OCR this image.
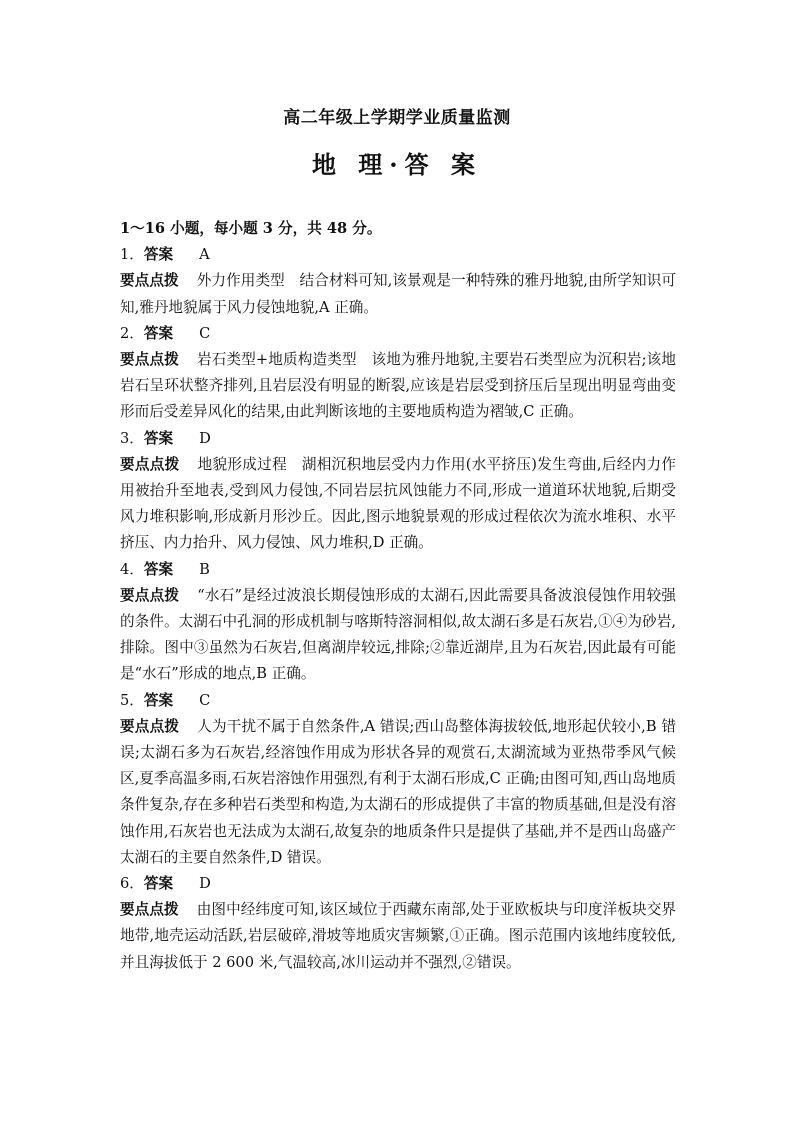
高二年级上学期学业质量监测
地 理·答 案

1～16 小题，每小题 3 分，共 48 分。

1．答案 A

要点点拨 外力作用类型　结合材料可知,该景观是一种特殊的雅丹地貌,由所学知识可知,雅丹地貌属于风力侵蚀地貌,A 正确。

2．答案 C

要点点拨 岩石类型+地质构造类型　该地为雅丹地貌,主要岩石类型应为沉积岩;该地岩石呈环状整齐排列,且岩层没有明显的断裂,应该是岩层受到挤压后呈现出明显弯曲变形而后受差异风化的结果,由此判断该地的主要地质构造为褶皱,C 正确。

3．答案 D

要点点拨 地貌形成过程　湖相沉积地层受内力作用(水平挤压)发生弯曲,后经内力作用被抬升至地表,受到风力侵蚀,不同岩层抗风蚀能力不同,形成一道道环状地貌,后期受风力堆积影响,形成新月形沙丘。因此,图示地貌景观的形成过程依次为流水堆积、水平挤压、内力抬升、风力侵蚀、风力堆积,D 正确。

4．答案 B

要点点拨 “水石”是经过波浪长期侵蚀形成的太湖石,因此需要具备波浪侵蚀作用较强的条件。太湖石中孔洞的形成机制与喀斯特溶洞相似,故太湖石多是石灰岩,①④为砂岩,排除。图中③虽然为石灰岩,但离湖岸较远,排除;②靠近湖岸,且为石灰岩,因此最有可能是“水石”形成的地点,B 正确。

5．答案 C

要点点拨 人为干扰不属于自然条件,A 错误;西山岛整体海拔较低,地形起伏较小,B 错误;太湖石多为石灰岩,经溶蚀作用成为形状各异的观赏石,太湖流域为亚热带季风气候区,夏季高温多雨,石灰岩溶蚀作用强烈,有利于太湖石形成,C 正确;由图可知,西山岛地质条件复杂,存在多种岩石类型和构造,为太湖石的形成提供了丰富的物质基础,但是没有溶蚀作用,石灰岩也无法成为太湖石,故复杂的地质条件只是提供了基础,并不是西山岛盛产太湖石的主要自然条件,D 错误。

6．答案 D

要点点拨 由图中经纬度可知,该区域位于西藏东南部,处于亚欧板块与印度洋板块交界地带,地壳运动活跃,岩层破碎,滑坡等地质灾害频繁,①正确。图示范围内该地纬度较低,并且海拔低于 2 600 米,气温较高,冰川运动并不强烈,②错误。
